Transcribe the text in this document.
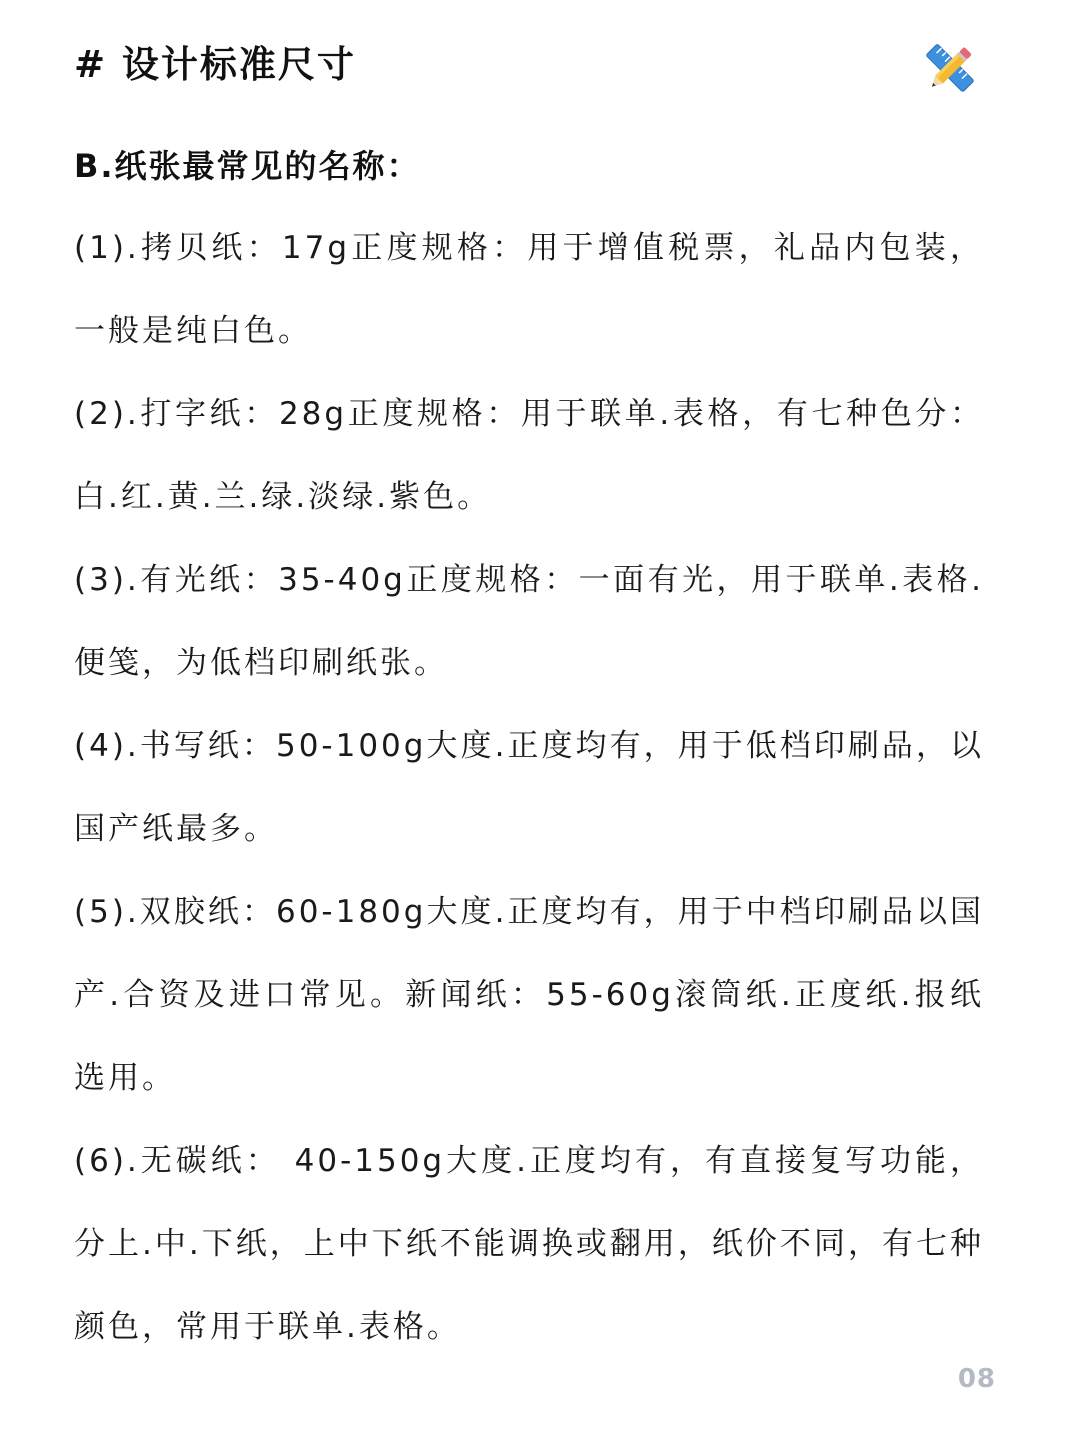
# 设计标准尺寸
B.纸张最常见的名称：
(1).拷贝纸：17g正度规格：用于增值税票，礼品内包装，一般是纯白色。
(2).打字纸：28g正度规格：用于联单.表格，有七种色分：白.红.黄.兰.绿.淡绿.紫色。
(3).有光纸：35-40g正度规格：一面有光，用于联单.表格.便笺，为低档印刷纸张。
(4).书写纸：50-100g大度.正度均有，用于低档印刷品，以国产纸最多。
(5).双胶纸：60-180g大度.正度均有，用于中档印刷品以国产.合资及进口常见。新闻纸：55-60g滚筒纸.正度纸.报纸选用。
(6).无碳纸： 40-150g大度.正度均有，有直接复写功能，分上.中.下纸，上中下纸不能调换或翻用，纸价不同，有七种颜色，常用于联单.表格。
08
